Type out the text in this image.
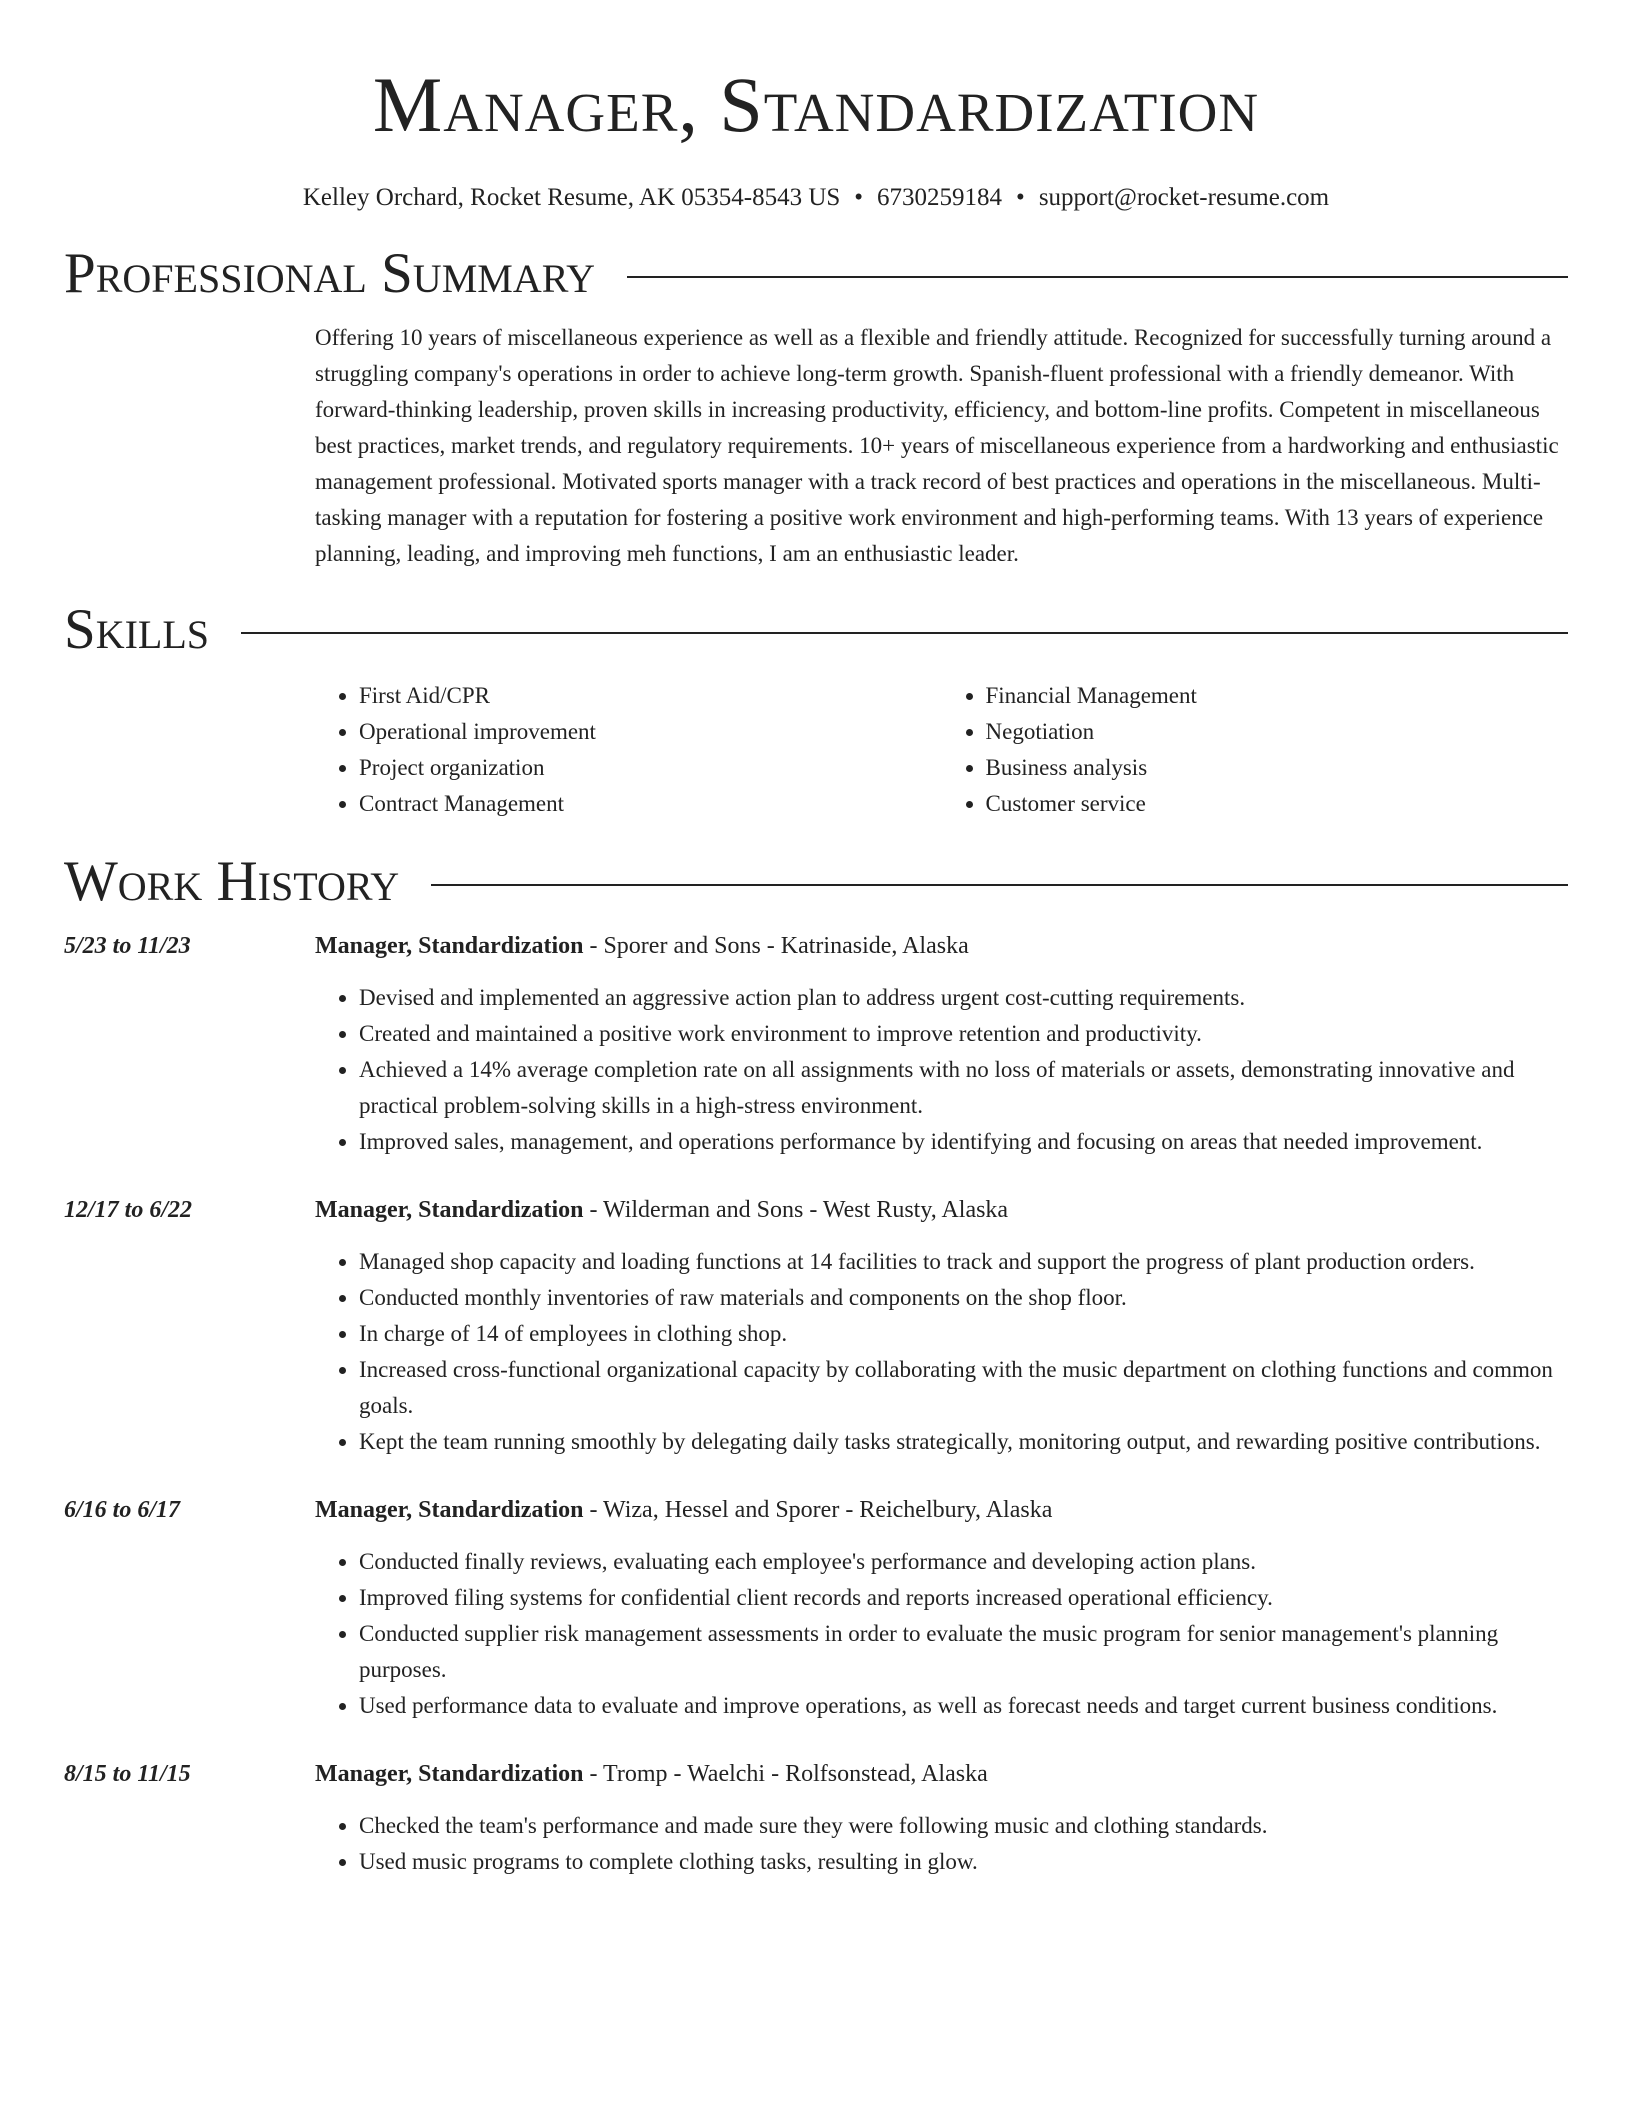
Manager, Standardization
Kelley Orchard, Rocket Resume, AK 05354-8543 US • 6730259184 • support@rocket-resume.com
Professional Summary

Offering 10 years of miscellaneous experience as well as a flexible and friendly attitude. Recognized for successfully turning around a struggling company's operations in order to achieve long-term growth. Spanish-fluent professional with a friendly demeanor. With forward-thinking leadership, proven skills in increasing productivity, efficiency, and bottom-line profits. Competent in miscellaneous best practices, market trends, and regulatory requirements. 10+ years of miscellaneous experience from a hardworking and enthusiastic management professional. Motivated sports manager with a track record of best practices and operations in the miscellaneous. Multi-tasking manager with a reputation for fostering a positive work environment and high-performing teams. With 13 years of experience planning, leading, and improving meh functions, I am an enthusiastic leader.

Skills
• First Aid/CPR
• Operational improvement
• Project organization
• Contract Management
• Financial Management
• Negotiation
• Business analysis
• Customer service
Work History
5/23 to 11/23	Manager, Standardization - Sporer and Sons - Katrinaside, Alaska
• Devised and implemented an aggressive action plan to address urgent cost-cutting requirements.
• Created and maintained a positive work environment to improve retention and productivity.
• Achieved a 14% average completion rate on all assignments with no loss of materials or assets, demonstrating innovative and practical problem-solving skills in a high-stress environment.
• Improved sales, management, and operations performance by identifying and focusing on areas that needed improvement.
12/17 to 6/22	Manager, Standardization - Wilderman and Sons - West Rusty, Alaska
• Managed shop capacity and loading functions at 14 facilities to track and support the progress of plant production orders.
• Conducted monthly inventories of raw materials and components on the shop floor.
• In charge of 14 of employees in clothing shop.
• Increased cross-functional organizational capacity by collaborating with the music department on clothing functions and common goals.
• Kept the team running smoothly by delegating daily tasks strategically, monitoring output, and rewarding positive contributions.
6/16 to 6/17	Manager, Standardization - Wiza, Hessel and Sporer - Reichelbury, Alaska
• Conducted finally reviews, evaluating each employee's performance and developing action plans.
• Improved filing systems for confidential client records and reports increased operational efficiency.
• Conducted supplier risk management assessments in order to evaluate the music program for senior management's planning purposes.
• Used performance data to evaluate and improve operations, as well as forecast needs and target current business conditions.
8/15 to 11/15	Manager, Standardization - Tromp - Waelchi - Rolfsonstead, Alaska
• Checked the team's performance and made sure they were following music and clothing standards.
• Used music programs to complete clothing tasks, resulting in glow.
